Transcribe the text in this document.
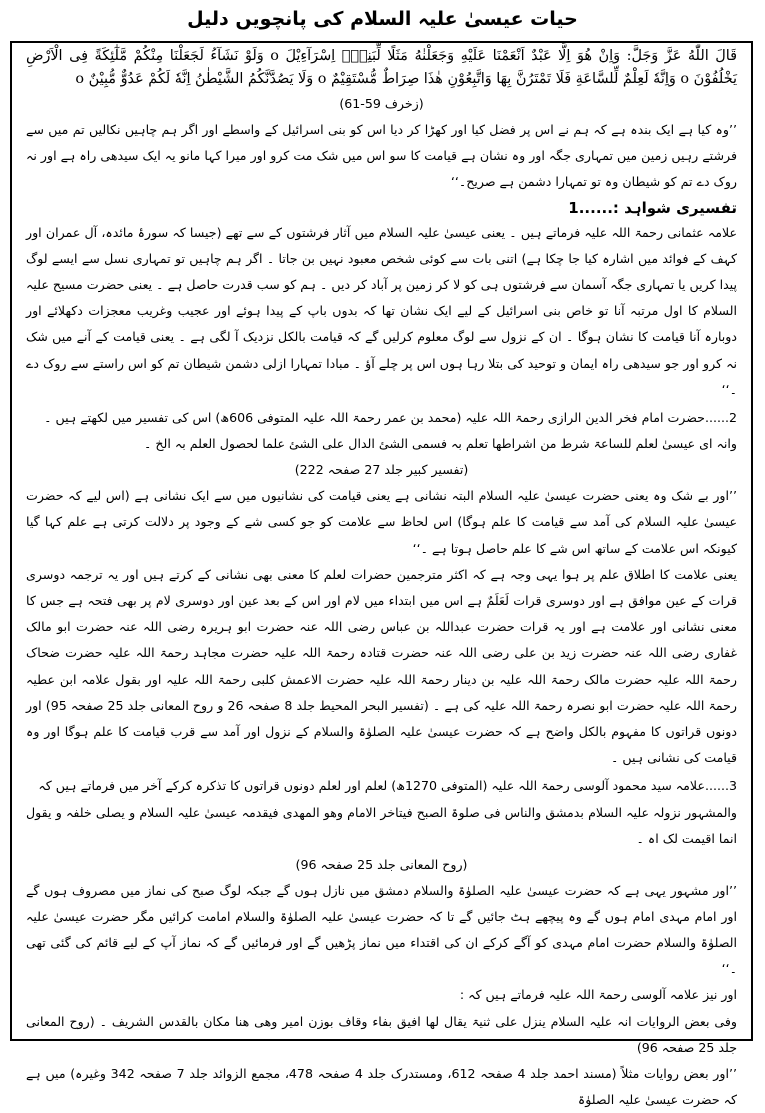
حیات عیسیٰ علیہ السلام کی پانچویں دلیل

قَالَ اللّٰهُ عَزَّ وَجَلَّ: وَاِنْ هُوَ اِلَّا عَبْدٌ اَنْعَمْنَا عَلَيْهِ وَجَعَلْنٰهُ مَثَلًا لِّبَنِيْۤ اِسْرَآءِيْلَ o وَلَوْ نَشَآءُ لَجَعَلْنَا مِنْكُمْ مَّلٰٓئِكَةً فِى الْاَرْضِ يَخْلُفُوْنَ o وَاِنَّهٗ لَعِلْمٌ لِّلسَّاعَةِ فَلَا تَمْتَرُنَّ بِهَا وَاتَّبِعُوْنِ هٰذَا صِرَاطٌ مُّسْتَقِيْمٌ o وَلَا يَصُدَّنَّكُمُ الشَّيْطٰنُ اِنَّهٗ لَكُمْ عَدُوٌّ مُّبِيْنٌ o

(زخرف 59-61)

’’وہ کیا ہے ایک بندہ ہے کہ ہم نے اس پر فضل کیا اور کھڑا کر دیا اس کو بنی اسرائیل کے واسطے اور اگر ہم چاہیں نکالیں تم میں سے فرشتے رہیں زمین میں تمہاری جگہ اور وہ نشان ہے قیامت کا سو اس میں شک مت کرو اور میرا کہا مانو یہ ایک سیدھی راہ ہے اور نہ روک دے تم کو شیطان وہ تو تمہارا دشمن ہے صریح۔‘‘

تفسیری شواہد :......1

علامہ عثمانی رحمۃ اللہ علیہ فرماتے ہیں ۔ یعنی عیسیٰ علیہ السلام میں آثار فرشتوں کے سے تھے (جیسا کہ سورۂ مائدہ، آل عمران اور کہف کے فوائد میں اشارہ کیا جا چکا ہے) اتنی بات سے کوئی شخص معبود نہیں بن جاتا ۔ اگر ہم چاہیں تو تمہاری نسل سے ایسے لوگ پیدا کریں یا تمہاری جگہ آسمان سے فرشتوں ہی کو لا کر زمین پر آباد کر دیں ۔ ہم کو سب قدرت حاصل ہے ۔ یعنی حضرت مسیح علیہ السلام کا اول مرتبہ آنا تو خاص بنی اسرائیل کے لیے ایک نشان تھا کہ بدوں باپ کے پیدا ہوئے اور عجیب وغریب معجزات دکھلائے اور دوبارہ آنا قیامت کا نشان ہوگا ۔ ان کے نزول سے لوگ معلوم کرلیں گے کہ قیامت بالکل نزدیک آ لگی ہے ۔ یعنی قیامت کے آنے میں شک نہ کرو اور جو سیدھی راہ ایمان و توحید کی بتلا رہا ہوں اس پر چلے آؤ ۔ مبادا تمہارا ازلی دشمن شیطان تم کو اس راستے سے روک دے ۔‘‘

2......حضرت امام فخر الدین الرازی رحمۃ اللہ علیہ (محمد بن عمر رحمۃ اللہ علیہ المتوفی 606ھ) اس کی تفسیر میں لکھتے ہیں ۔

وانہ ای عیسیٰ لعلم للساعۃ شرط من اشراطھا تعلم بہ فسمی الشئ الدال علی الشئ علما لحصول العلم بہ الخ ۔

(تفسیر کبیر جلد 27 صفحہ 222)

’’اور بے شک وہ یعنی حضرت عیسیٰ علیہ السلام البتہ نشانی ہے یعنی قیامت کی نشانیوں میں سے ایک نشانی ہے (اس لیے کہ حضرت عیسیٰ علیہ السلام کی آمد سے قیامت کا علم ہوگا) اس لحاظ سے علامت کو جو کسی شے کے وجود پر دلالت کرتی ہے علم کہا گیا کیونکہ اس علامت کے ساتھ اس شے کا علم حاصل ہوتا ہے ۔‘‘

یعنی علامت کا اطلاق علم پر ہوا یہی وجہ ہے کہ اکثر مترجمین حضرات لعلم کا معنی بھی نشانی کے کرتے ہیں اور یہ ترجمہ دوسری قرات کے عین موافق ہے اور دوسری قرات لَعَلَمٌ ہے اس میں ابتداء میں لام اور اس کے بعد عین اور دوسری لام پر بھی فتحہ ہے جس کا معنی نشانی اور علامت ہے اور یہ قرات حضرت عبداللہ بن عباس رضی اللہ عنہ حضرت ابو ہریرہ رضی اللہ عنہ حضرت ابو مالک غفاری رضی اللہ عنہ حضرت زید بن علی رضی اللہ عنہ حضرت قتادہ رحمۃ اللہ علیہ حضرت مجاہد رحمۃ اللہ علیہ حضرت ضحاک رحمۃ اللہ علیہ حضرت مالک رحمۃ اللہ علیہ بن دینار رحمۃ اللہ علیہ حضرت الاعمش کلبی رحمۃ اللہ علیہ اور بقول علامہ ابن عطیہ رحمۃ اللہ علیہ حضرت ابو نصرہ رحمۃ اللہ علیہ کی ہے ۔ (تفسیر البحر المحیط جلد 8 صفحہ 26 و روح المعانی جلد 25 صفحہ 95) اور دونوں قراتوں کا مفہوم بالکل واضح ہے کہ حضرت عیسیٰ علیہ الصلوٰۃ والسلام کے نزول اور آمد سے قرب قیامت کا علم ہوگا اور وہ قیامت کی نشانی ہیں ۔

3......علامہ سید محمود آلوسی رحمۃ اللہ علیہ (المتوفی 1270ھ) لعلم اور لعلم دونوں قراتوں کا تذکرہ کرکے آخر میں فرماتے ہیں کہ

والمشہور نزولہ علیہ السلام بدمشق والناس فی صلوۃ الصبح فیتاخر الامام وھو المھدی فیقدمہ عیسیٰ علیہ السلام و یصلی خلفہ و یقول انما اقیمت لک اہ ۔

(روح المعانی جلد 25 صفحہ 96)

’’اور مشہور یہی ہے کہ حضرت عیسیٰ علیہ الصلوٰۃ والسلام دمشق میں نازل ہوں گے جبکہ لوگ صبح کی نماز میں مصروف ہوں گے اور امام مہدی امام ہوں گے وہ پیچھے ہٹ جائیں گے تا کہ حضرت عیسیٰ علیہ الصلوٰۃ والسلام امامت کرائیں مگر حضرت عیسیٰ علیہ الصلوٰۃ والسلام حضرت امام مہدی کو آگے کرکے ان کی اقتداء میں نماز پڑھیں گے اور فرمائیں گے کہ نماز آپ کے لیے قائم کی گئی تھی ۔‘‘

اور نیز علامہ آلوسی رحمۃ اللہ علیہ فرماتے ہیں کہ :

وفی بعض الروایات انہ علیہ السلام ینزل علی ثنیۃ یقال لھا افیق بفاء وقاف بوزن امیر وھی ھنا مکان بالقدس الشریف ۔ (روح المعانی جلد 25 صفحہ 96)

’’اور بعض روایات مثلاً (مسند احمد جلد 4 صفحہ 612، ومستدرک جلد 4 صفحہ 478، مجمع الزوائد جلد 7 صفحہ 342 وغیرہ) میں ہے کہ حضرت عیسیٰ علیہ الصلوٰۃ
